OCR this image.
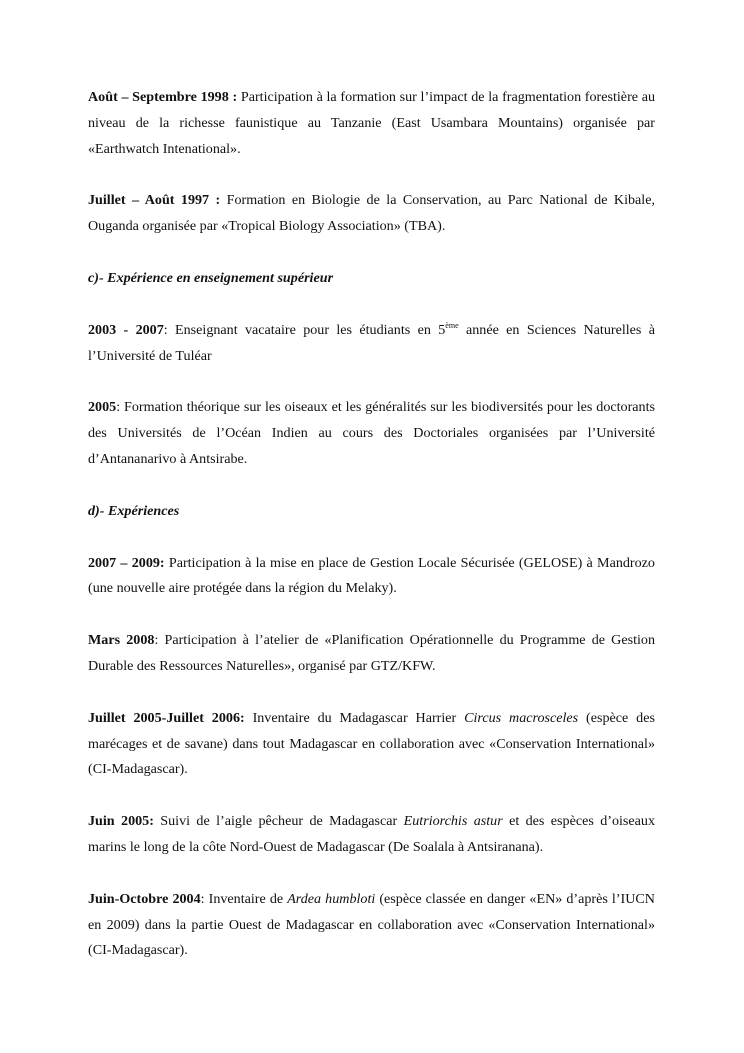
Août – Septembre 1998 : Participation à la formation sur l’impact de la fragmentation forestière au niveau de la richesse faunistique au Tanzanie (East Usambara Mountains) organisée par «Earthwatch Intenational».

Juillet – Août 1997 : Formation en Biologie de la Conservation, au Parc National de Kibale, Ouganda organisée par «Tropical Biology Association» (TBA).

c)- Expérience en enseignement supérieur

2003 - 2007: Enseignant vacataire pour les étudiants en 5ème année en Sciences Naturelles à l’Université de Tuléar

2005: Formation théorique sur les oiseaux et les généralités sur les biodiversités pour les doctorants des Universités de l’Océan Indien au cours des Doctoriales organisées par l’Université d’Antananarivo à Antsirabe.

d)- Expériences

2007 – 2009: Participation à la mise en place de Gestion Locale Sécurisée (GELOSE) à Mandrozo (une nouvelle aire protégée dans la région du Melaky).

Mars 2008: Participation à l’atelier de «Planification Opérationnelle du Programme de Gestion Durable des Ressources Naturelles», organisé par GTZ/KFW.

Juillet 2005-Juillet 2006: Inventaire du Madagascar Harrier Circus macrosceles (espèce des marécages et de savane) dans tout Madagascar en collaboration avec «Conservation International» (CI-Madagascar).

Juin 2005: Suivi de l’aigle pêcheur de Madagascar Eutriorchis astur et des espèces d’oiseaux marins le long de la côte Nord-Ouest de Madagascar (De Soalala à Antsiranana).

Juin-Octobre 2004: Inventaire de Ardea humbloti (espèce classée en danger «EN» d’après l’IUCN en 2009) dans la partie Ouest de Madagascar en collaboration avec «Conservation International» (CI-Madagascar).
